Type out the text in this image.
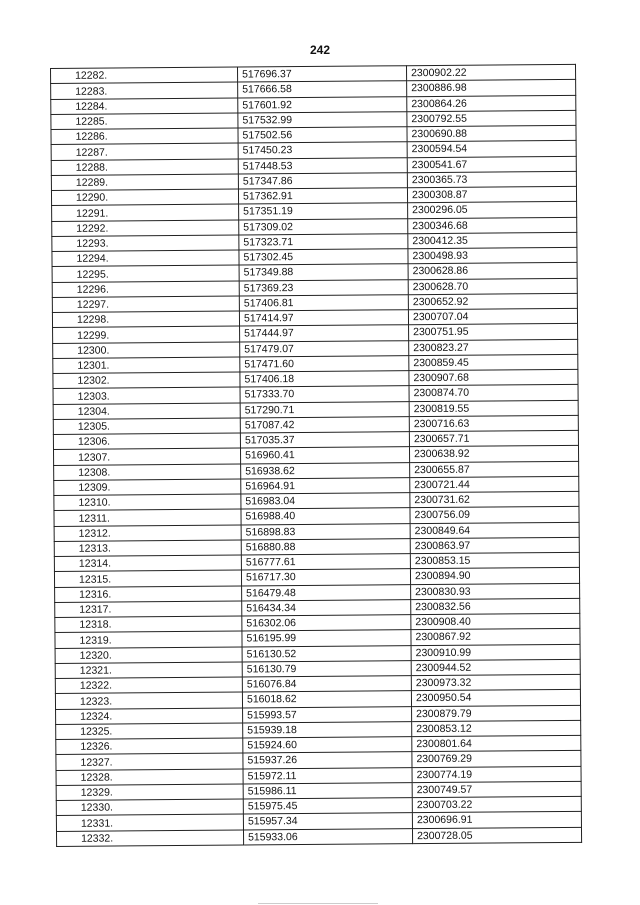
242
12282.	517696.37	2300902.22
12283.	517666.58	2300886.98
12284.	517601.92	2300864.26
12285.	517532.99	2300792.55
12286.	517502.56	2300690.88
12287.	517450.23	2300594.54
12288.	517448.53	2300541.67
12289.	517347.86	2300365.73
12290.	517362.91	2300308.87
12291.	517351.19	2300296.05
12292.	517309.02	2300346.68
12293.	517323.71	2300412.35
12294.	517302.45	2300498.93
12295.	517349.88	2300628.86
12296.	517369.23	2300628.70
12297.	517406.81	2300652.92
12298.	517414.97	2300707.04
12299.	517444.97	2300751.95
12300.	517479.07	2300823.27
12301.	517471.60	2300859.45
12302.	517406.18	2300907.68
12303.	517333.70	2300874.70
12304.	517290.71	2300819.55
12305.	517087.42	2300716.63
12306.	517035.37	2300657.71
12307.	516960.41	2300638.92
12308.	516938.62	2300655.87
12309.	516964.91	2300721.44
12310.	516983.04	2300731.62
12311.	516988.40	2300756.09
12312.	516898.83	2300849.64
12313.	516880.88	2300863.97
12314.	516777.61	2300853.15
12315.	516717.30	2300894.90
12316.	516479.48	2300830.93
12317.	516434.34	2300832.56
12318.	516302.06	2300908.40
12319.	516195.99	2300867.92
12320.	516130.52	2300910.99
12321.	516130.79	2300944.52
12322.	516076.84	2300973.32
12323.	516018.62	2300950.54
12324.	515993.57	2300879.79
12325.	515939.18	2300853.12
12326.	515924.60	2300801.64
12327.	515937.26	2300769.29
12328.	515972.11	2300774.19
12329.	515986.11	2300749.57
12330.	515975.45	2300703.22
12331.	515957.34	2300696.91
12332.	515933.06	2300728.05
